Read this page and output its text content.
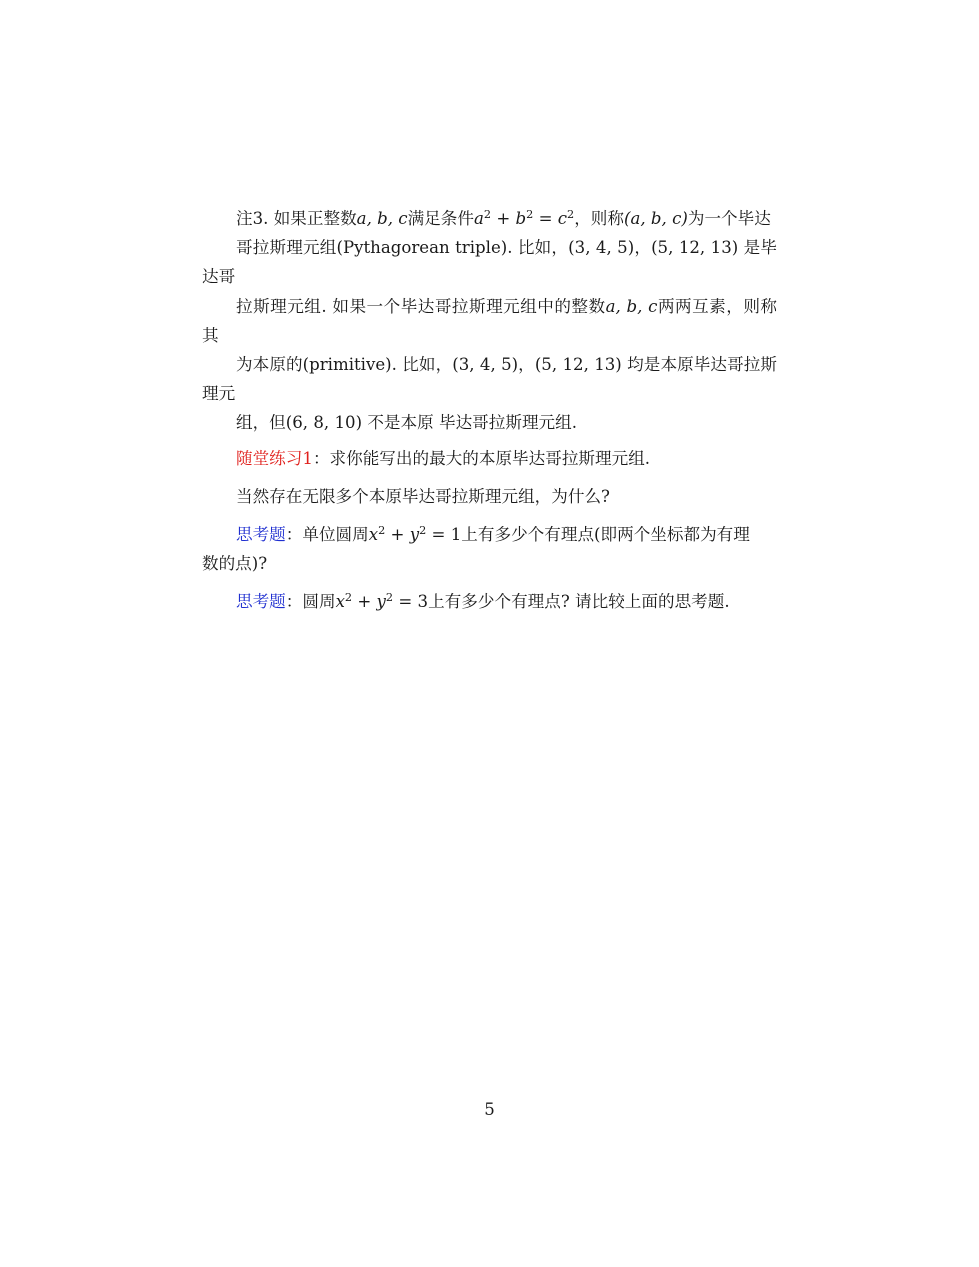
注3. 如果正整数a, b, c满足条件$a^2 + b^2 = c^2$，则称(a, b, c)为一个毕达
哥拉斯理元组(Pythagorean triple). 比如，(3, 4, 5)，(5, 12, 13) 是毕达哥
拉斯理元组. 如果一个毕达哥拉斯理元组中的整数a, b, c两两互素，则称其
为本原的(primitive). 比如，(3, 4, 5)，(5, 12, 13) 均是本原毕达哥拉斯理元
组，但(6, 8, 10) 不是本原 毕达哥拉斯理元组.

随堂练习1：求你能写出的最大的本原毕达哥拉斯理元组.

当然存在无限多个本原毕达哥拉斯理元组，为什么?

思考题：单位圆周$x^2 + y^2 = 1$上有多少个有理点(即两个坐标都为有理
数的点)?

思考题：圆周$x^2 + y^2 = 3$上有多少个有理点? 请比较上面的思考题.

5
